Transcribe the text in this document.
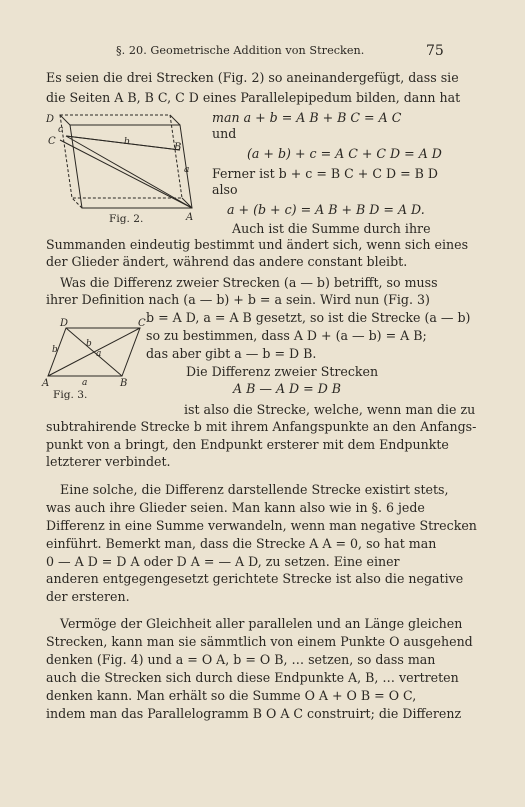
§. 20. Geometrische Addition von Strecken.	75
Es seien die drei Strecken (Fig. 2) so aneinandergefügt, dass sie
die Seiten A B, B C, C D eines Parallelepipedum bilden, dann hat
man a + b = A B + B C = A C
und
(a + b) + c = A C + C D = A D
Ferner ist b + c = B C + C D = B D
also
a + (b + c) = A B + B D = A D.
Auch ist die Summe durch ihre
Summanden eindeutig bestimmt und ändert sich, wenn sich eines
der Glieder ändert, während das andere constant bleibt.
Was die Differenz zweier Strecken (a — b) betrifft, so muss
ihrer Definition nach (a — b) + b = a sein. Wird nun (Fig. 3)
b = A D, a = A B gesetzt, so ist die Strecke (a — b)
so zu bestimmen, dass A D + (a — b) = A B;
das aber gibt a — b = D B.
Die Differenz zweier Strecken
A B — A D = D B
ist also die Strecke, welche, wenn man die zu
subtrahirende Strecke b mit ihrem Anfangspunkte an den Anfangs-
punkt von a bringt, den Endpunkt ersterer mit dem Endpunkte
letzterer verbindet.
Eine solche, die Differenz darstellende Strecke existirt stets,
was auch ihre Glieder seien. Man kann also wie in §. 6 jede
Differenz in eine Summe verwandeln, wenn man negative Strecken
einführt. Bemerkt man, dass die Strecke A A = 0, so hat man
0 — A D = D A oder D A = — A D, zu setzen. Eine einer
anderen entgegengesetzt gerichtete Strecke ist also die negative
der ersteren.
Vermöge der Gleichheit aller parallelen und an Länge gleichen
Strecken, kann man sie sämmtlich von einem Punkte O ausgehend
denken (Fig. 4) und a = O A, b = O B, … setzen, so dass man
auch die Strecken sich durch diese Endpunkte A, B, … vertreten
denken kann. Man erhält so die Summe O A + O B = O C,
indem man das Parallelogramm B O A C construirt; die Differenz
D
c
C	b	B
a
A
Fig. 2.
D	C
b
b
a
A	a	B
Fig. 3.
